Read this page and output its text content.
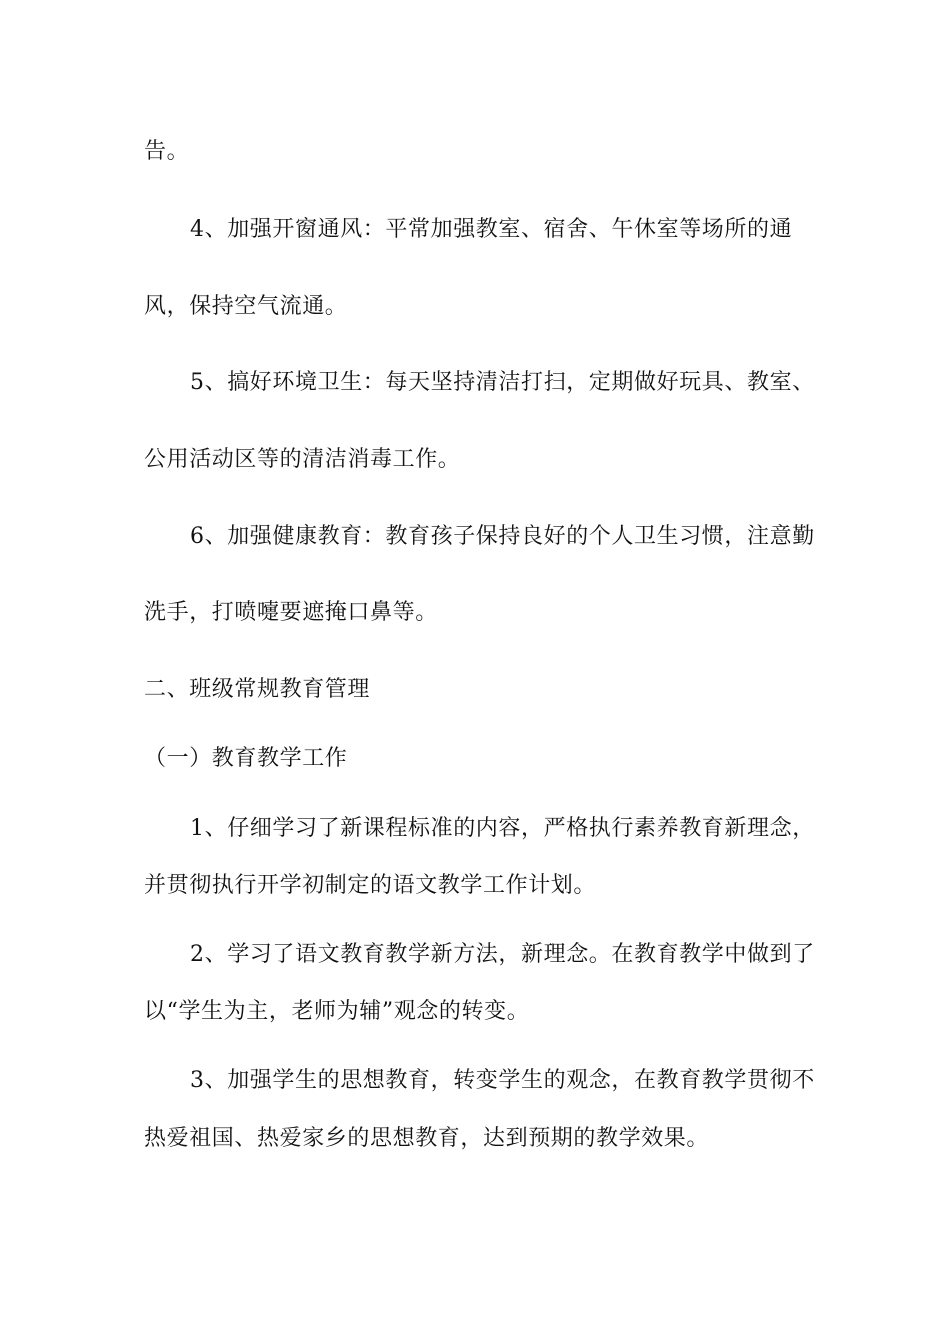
告。
4、加强开窗通风：平常加强教室、宿舍、午休室等场所的通
风，保持空气流通。
5、搞好环境卫生：每天坚持清洁打扫，定期做好玩具、教室、
公用活动区等的清洁消毒工作。
6、加强健康教育：教育孩子保持良好的个人卫生习惯，注意勤
洗手，打喷嚏要遮掩口鼻等。
二、班级常规教育管理
（一）教育教学工作
1、仔细学习了新课程标准的内容，严格执行素养教育新理念，
并贯彻执行开学初制定的语文教学工作计划。
2、学习了语文教育教学新方法，新理念。在教育教学中做到了
以“学生为主，老师为辅”观念的转变。
3、加强学生的思想教育，转变学生的观念，在教育教学贯彻不
热爱祖国、热爱家乡的思想教育，达到预期的教学效果。
